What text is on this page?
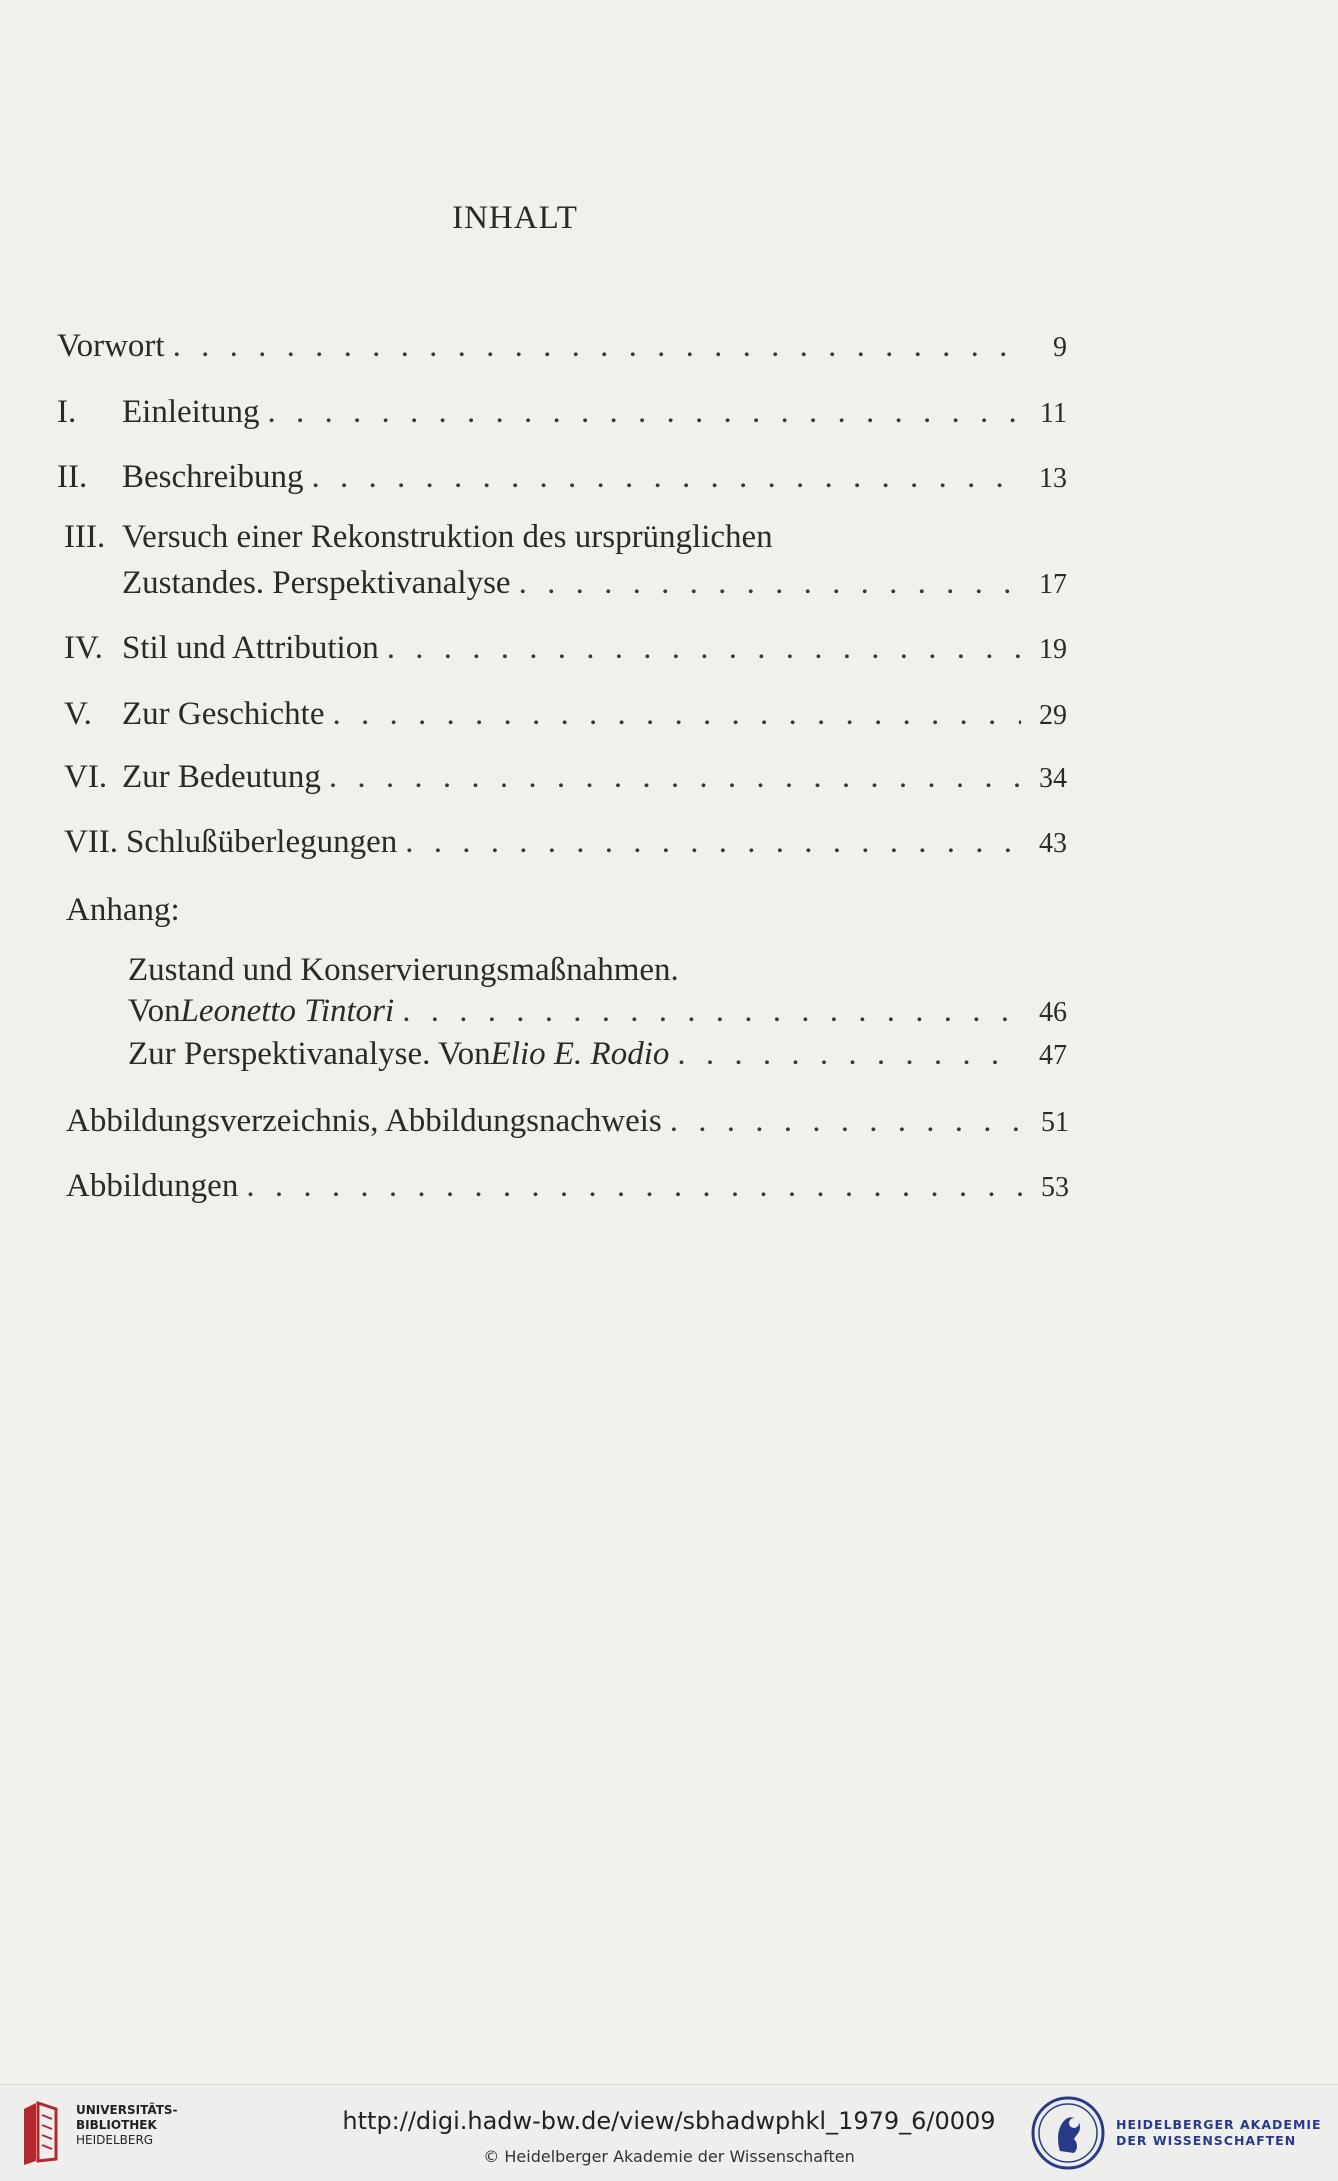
INHALT
Vorwort . . .	9
I.	Einleitung . . .	11
II.	Beschreibung . . .	13
III. Versuch einer Rekonstruktion des ursprünglichen
Zustandes. Perspektivanalyse . . .	17
IV. Stil und Attribution . . .	19
V. Zur Geschichte . . .	29
VI. Zur Bedeutung . . .	34
VII. Schlußüberlegungen . . .	43
Anhang:
Zustand und Konservierungsmaßnahmen.
Von Leonetto Tintori . . .	46
Zur Perspektivanalyse. Von Elio E. Rodio . . .	47
Abbildungsverzeichnis, Abbildungsnachweis . . .	51
Abbildungen . . .	53
UNIVERSITÄTS-
BIBLIOTHEK
HEIDELBERG
http://digi.hadw-bw.de/view/sbhadwphkl_1979_6/0009
© Heidelberger Akademie der Wissenschaften
HEIDELBERGER AKADEMIE
DER WISSENSCHAFTEN
